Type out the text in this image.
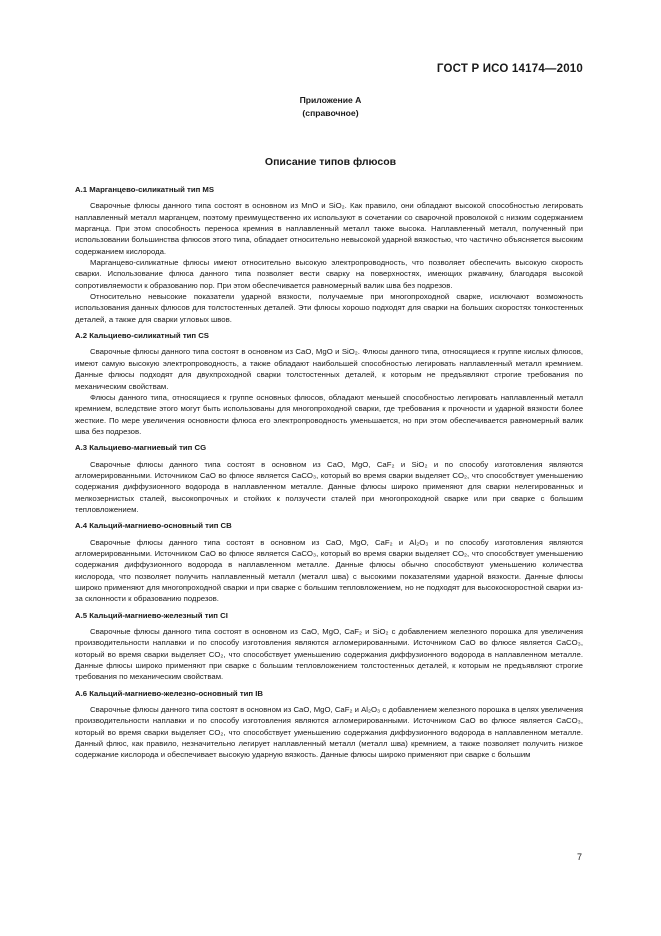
ГОСТ Р ИСО 14174—2010
Приложение А
(справочное)
Описание типов флюсов
А.1 Марганцево-силикатный тип MS

Сварочные флюсы данного типа состоят в основном из MnO и SiO₂. Как правило, они обладают высокой способностью легировать наплавленный металл марганцем, поэтому преимущественно их используют в сочетании со сварочной проволокой с низким содержанием марганца. При этом способность переноса кремния в наплавленный металл также высока. Наплавленный металл, полученный при использовании большинства флюсов этого типа, обладает относительно невысокой ударной вязкостью, что частично объясняется высоким содержанием кислорода.

Марганцево-силикатные флюсы имеют относительно высокую электропроводность, что позволяет обеспечить высокую скорость сварки. Использование флюса данного типа позволяет вести сварку на поверхностях, имеющих ржавчину, благодаря высокой сопротивляемости к образованию пор. При этом обеспечивается равномерный валик шва без подрезов.

Относительно невысокие показатели ударной вязкости, получаемые при многопроходной сварке, исключают возможность использования данных флюсов для толстостенных деталей. Эти флюсы хорошо подходят для сварки на больших скоростях тонкостенных деталей, а также для сварки угловых швов.

А.2 Кальциево-силикатный тип CS

Сварочные флюсы данного типа состоят в основном из CaO, MgO и SiO₂. Флюсы данного типа, относящиеся к группе кислых флюсов, имеют самую высокую электропроводность, а также обладают наибольшей способностью легировать наплавленный металл кремнием. Данные флюсы подходят для двухпроходной сварки толстостенных деталей, к которым не предъявляют строгие требования по механическим свойствам.

Флюсы данного типа, относящиеся к группе основных флюсов, обладают меньшей способностью легировать наплавленный металл кремнием, вследствие этого могут быть использованы для многопроходной сварки, где требования к прочности и ударной вязкости более жесткие. По мере увеличения основности флюса его электропроводность уменьшается, но при этом обеспечивается равномерный валик шва без подрезов.

А.3 Кальциево-магниевый тип CG

Сварочные флюсы данного типа состоят в основном из CaO, MgO, CaF₂ и SiO₂ и по способу изготовления являются агломерированными. Источником CaO во флюсе является CaCO₃, который во время сварки выделяет CO₂, что способствует уменьшению содержания диффузионного водорода в наплавленном металле. Данные флюсы широко применяют для сварки нелегированных и мелкозернистых сталей, высокопрочных и стойких к ползучести сталей при многопроходной сварке или при сварке с большим тепловложением.

А.4 Кальций-магниево-основный тип CB

Сварочные флюсы данного типа состоят в основном из CaO, MgO, CaF₂ и Al₂O₃ и по способу изготовления являются агломерированными. Источником CaO во флюсе является CaCO₃, который во время сварки выделяет CO₂, что способствует уменьшению содержания диффузионного водорода в наплавленном металле. Данные флюсы обычно способствуют уменьшению количества кислорода, что позволяет получить наплавленный металл (металл шва) с высокими показателями ударной вязкости. Данные флюсы широко применяют для многопроходной сварки и при сварке с большим тепловложением, но не подходят для высокоскоростной сварки из-за склонности к образованию подрезов.

А.5 Кальций-магниево-железный тип CI

Сварочные флюсы данного типа состоят в основном из CaO, MgO, CaF₂ и SiO₂ с добавлением железного порошка для увеличения производительности наплавки и по способу изготовления являются агломерированными. Источником CaO во флюсе является CaCO₃, который во время сварки выделяет CO₂, что способствует уменьшению содержания диффузионного водорода в наплавленном металле. Данные флюсы широко применяют при сварке с большим тепловложением толстостенных деталей, к которым не предъявляют строгие требования по механическим свойствам.

А.6 Кальций-магниево-железно-основный тип IB

Сварочные флюсы данного типа состоят в основном из CaO, MgO, CaF₂ и Al₂O₃ с добавлением железного порошка в целях увеличения производительности наплавки и по способу изготовления являются агломерированными. Источником CaO во флюсе является CaCO₃, который во время сварки выделяет CO₂, что способствует уменьшению содержания диффузионного водорода в наплавленном металле. Данный флюс, как правило, незначительно легирует наплавленный металл (металл шва) кремнием, а также позволяет получить низкое содержание кислорода и обеспечивает высокую ударную вязкость. Данные флюсы широко применяют при сварке с большим

7
